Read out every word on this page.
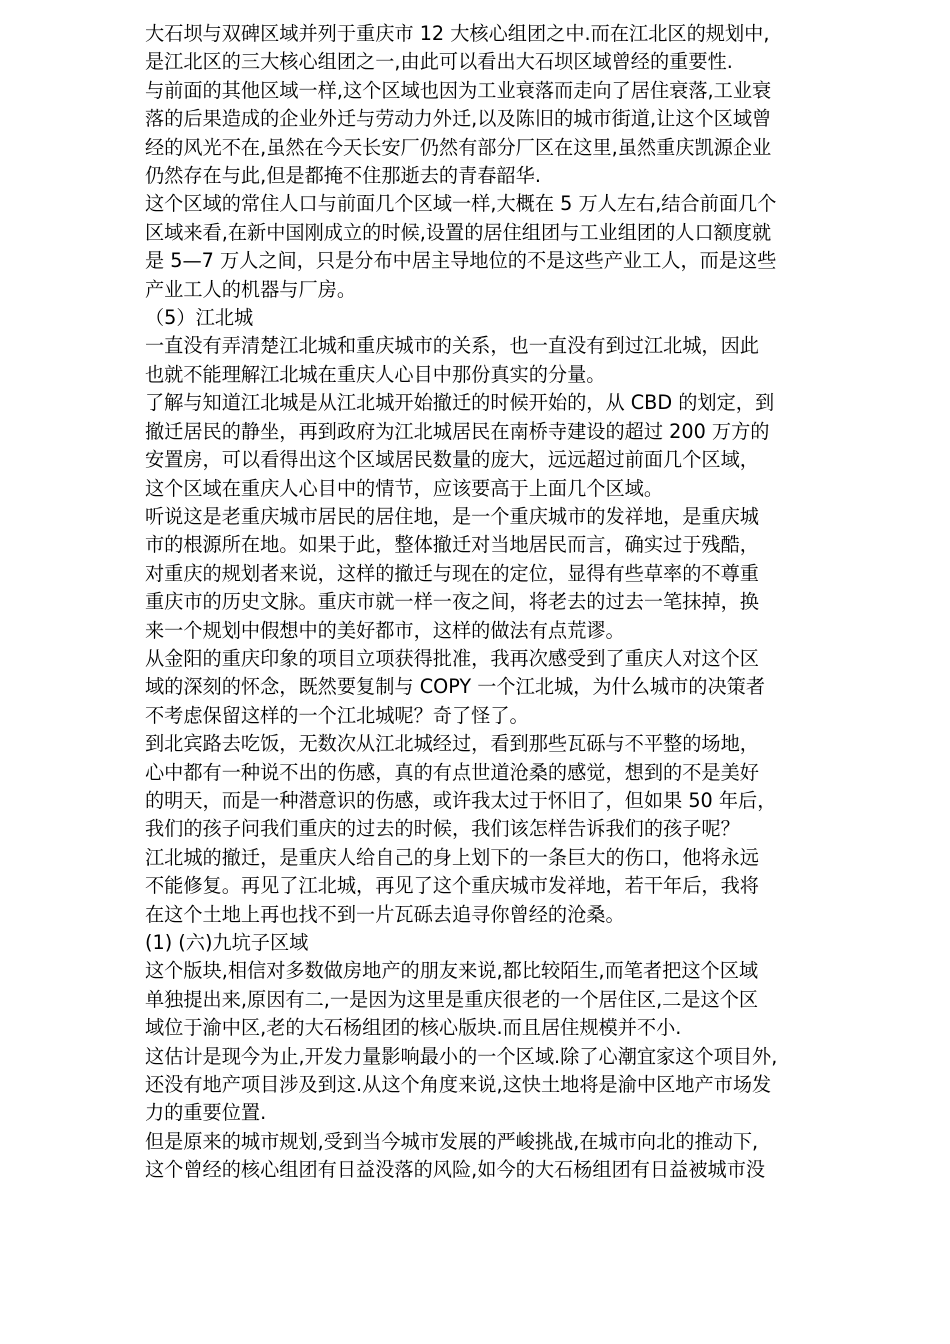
大石坝与双碑区域并列于重庆市 12 大核心组团之中.而在江北区的规划中,
是江北区的三大核心组团之一,由此可以看出大石坝区域曾经的重要性.

与前面的其他区域一样,这个区域也因为工业衰落而走向了居住衰落,工业衰
落的后果造成的企业外迁与劳动力外迁,以及陈旧的城市街道,让这个区域曾
经的风光不在,虽然在今天长安厂仍然有部分厂区在这里,虽然重庆凯源企业
仍然存在与此,但是都掩不住那逝去的青春韶华.

这个区域的常住人口与前面几个区域一样,大概在 5 万人左右,结合前面几个
区域来看,在新中国刚成立的时候,设置的居住组团与工业组团的人口额度就
是 5—7 万人之间，只是分布中居主导地位的不是这些产业工人，而是这些
产业工人的机器与厂房。

（5）江北城

一直没有弄清楚江北城和重庆城市的关系，也一直没有到过江北城，因此
也就不能理解江北城在重庆人心目中那份真实的分量。

了解与知道江北城是从江北城开始撤迁的时候开始的，从 CBD 的划定，到
撤迁居民的静坐，再到政府为江北城居民在南桥寺建设的超过 200 万方的
安置房，可以看得出这个区域居民数量的庞大，远远超过前面几个区域，
这个区域在重庆人心目中的情节，应该要高于上面几个区域。

听说这是老重庆城市居民的居住地，是一个重庆城市的发祥地，是重庆城
市的根源所在地。如果于此，整体撤迁对当地居民而言，确实过于残酷，
对重庆的规划者来说，这样的撤迁与现在的定位，显得有些草率的不尊重
重庆市的历史文脉。重庆市就一样一夜之间，将老去的过去一笔抹掉，换
来一个规划中假想中的美好都市，这样的做法有点荒谬。

从金阳的重庆印象的项目立项获得批准，我再次感受到了重庆人对这个区
域的深刻的怀念，既然要复制与 COPY 一个江北城，为什么城市的决策者
不考虑保留这样的一个江北城呢？奇了怪了。

到北宾路去吃饭，无数次从江北城经过，看到那些瓦砾与不平整的场地，
心中都有一种说不出的伤感，真的有点世道沧桑的感觉，想到的不是美好
的明天，而是一种潜意识的伤感，或许我太过于怀旧了，但如果 50 年后，
我们的孩子问我们重庆的过去的时候，我们该怎样告诉我们的孩子呢？

江北城的撤迁，是重庆人给自己的身上划下的一条巨大的伤口，他将永远
不能修复。再见了江北城，再见了这个重庆城市发祥地，若干年后，我将
在这个土地上再也找不到一片瓦砾去追寻你曾经的沧桑。

(1) (六)九坑子区域

这个版块,相信对多数做房地产的朋友来说,都比较陌生,而笔者把这个区域
单独提出来,原因有二,一是因为这里是重庆很老的一个居住区,二是这个区
域位于渝中区,老的大石杨组团的核心版块.而且居住规模并不小.

这估计是现今为止,开发力量影响最小的一个区域.除了心潮宜家这个项目外,
还没有地产项目涉及到这.从这个角度来说,这快土地将是渝中区地产市场发
力的重要位置.

但是原来的城市规划,受到当今城市发展的严峻挑战,在城市向北的推动下,
这个曾经的核心组团有日益没落的风险,如今的大石杨组团有日益被城市没
